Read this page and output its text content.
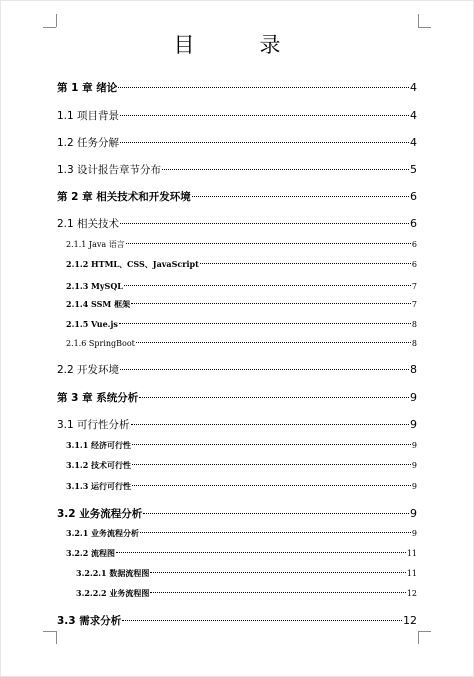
目　录
第 1 章 绪论	4
1.1 项目背景	4
1.2 任务分解	4
1.3 设计报告章节分布	5
第 2 章 相关技术和开发环境	6
2.1 相关技术	6
2.1.1 Java 语言	6
2.1.2 HTML、CSS、JavaScript	6
2.1.3 MySQL	7
2.1.4 SSM 框架	7
2.1.5 Vue.js	8
2.1.6 SpringBoot	8
2.2 开发环境	8
第 3 章 系统分析	9
3.1 可行性分析	9
3.1.1 经济可行性	9
3.1.2 技术可行性	9
3.1.3 运行可行性	9
3.2 业务流程分析	9
3.2.1 业务流程分析	9
3.2.2 流程图	11
3.2.2.1 数据流程图	11
3.2.2.2 业务流程图	12
3.3 需求分析	12
